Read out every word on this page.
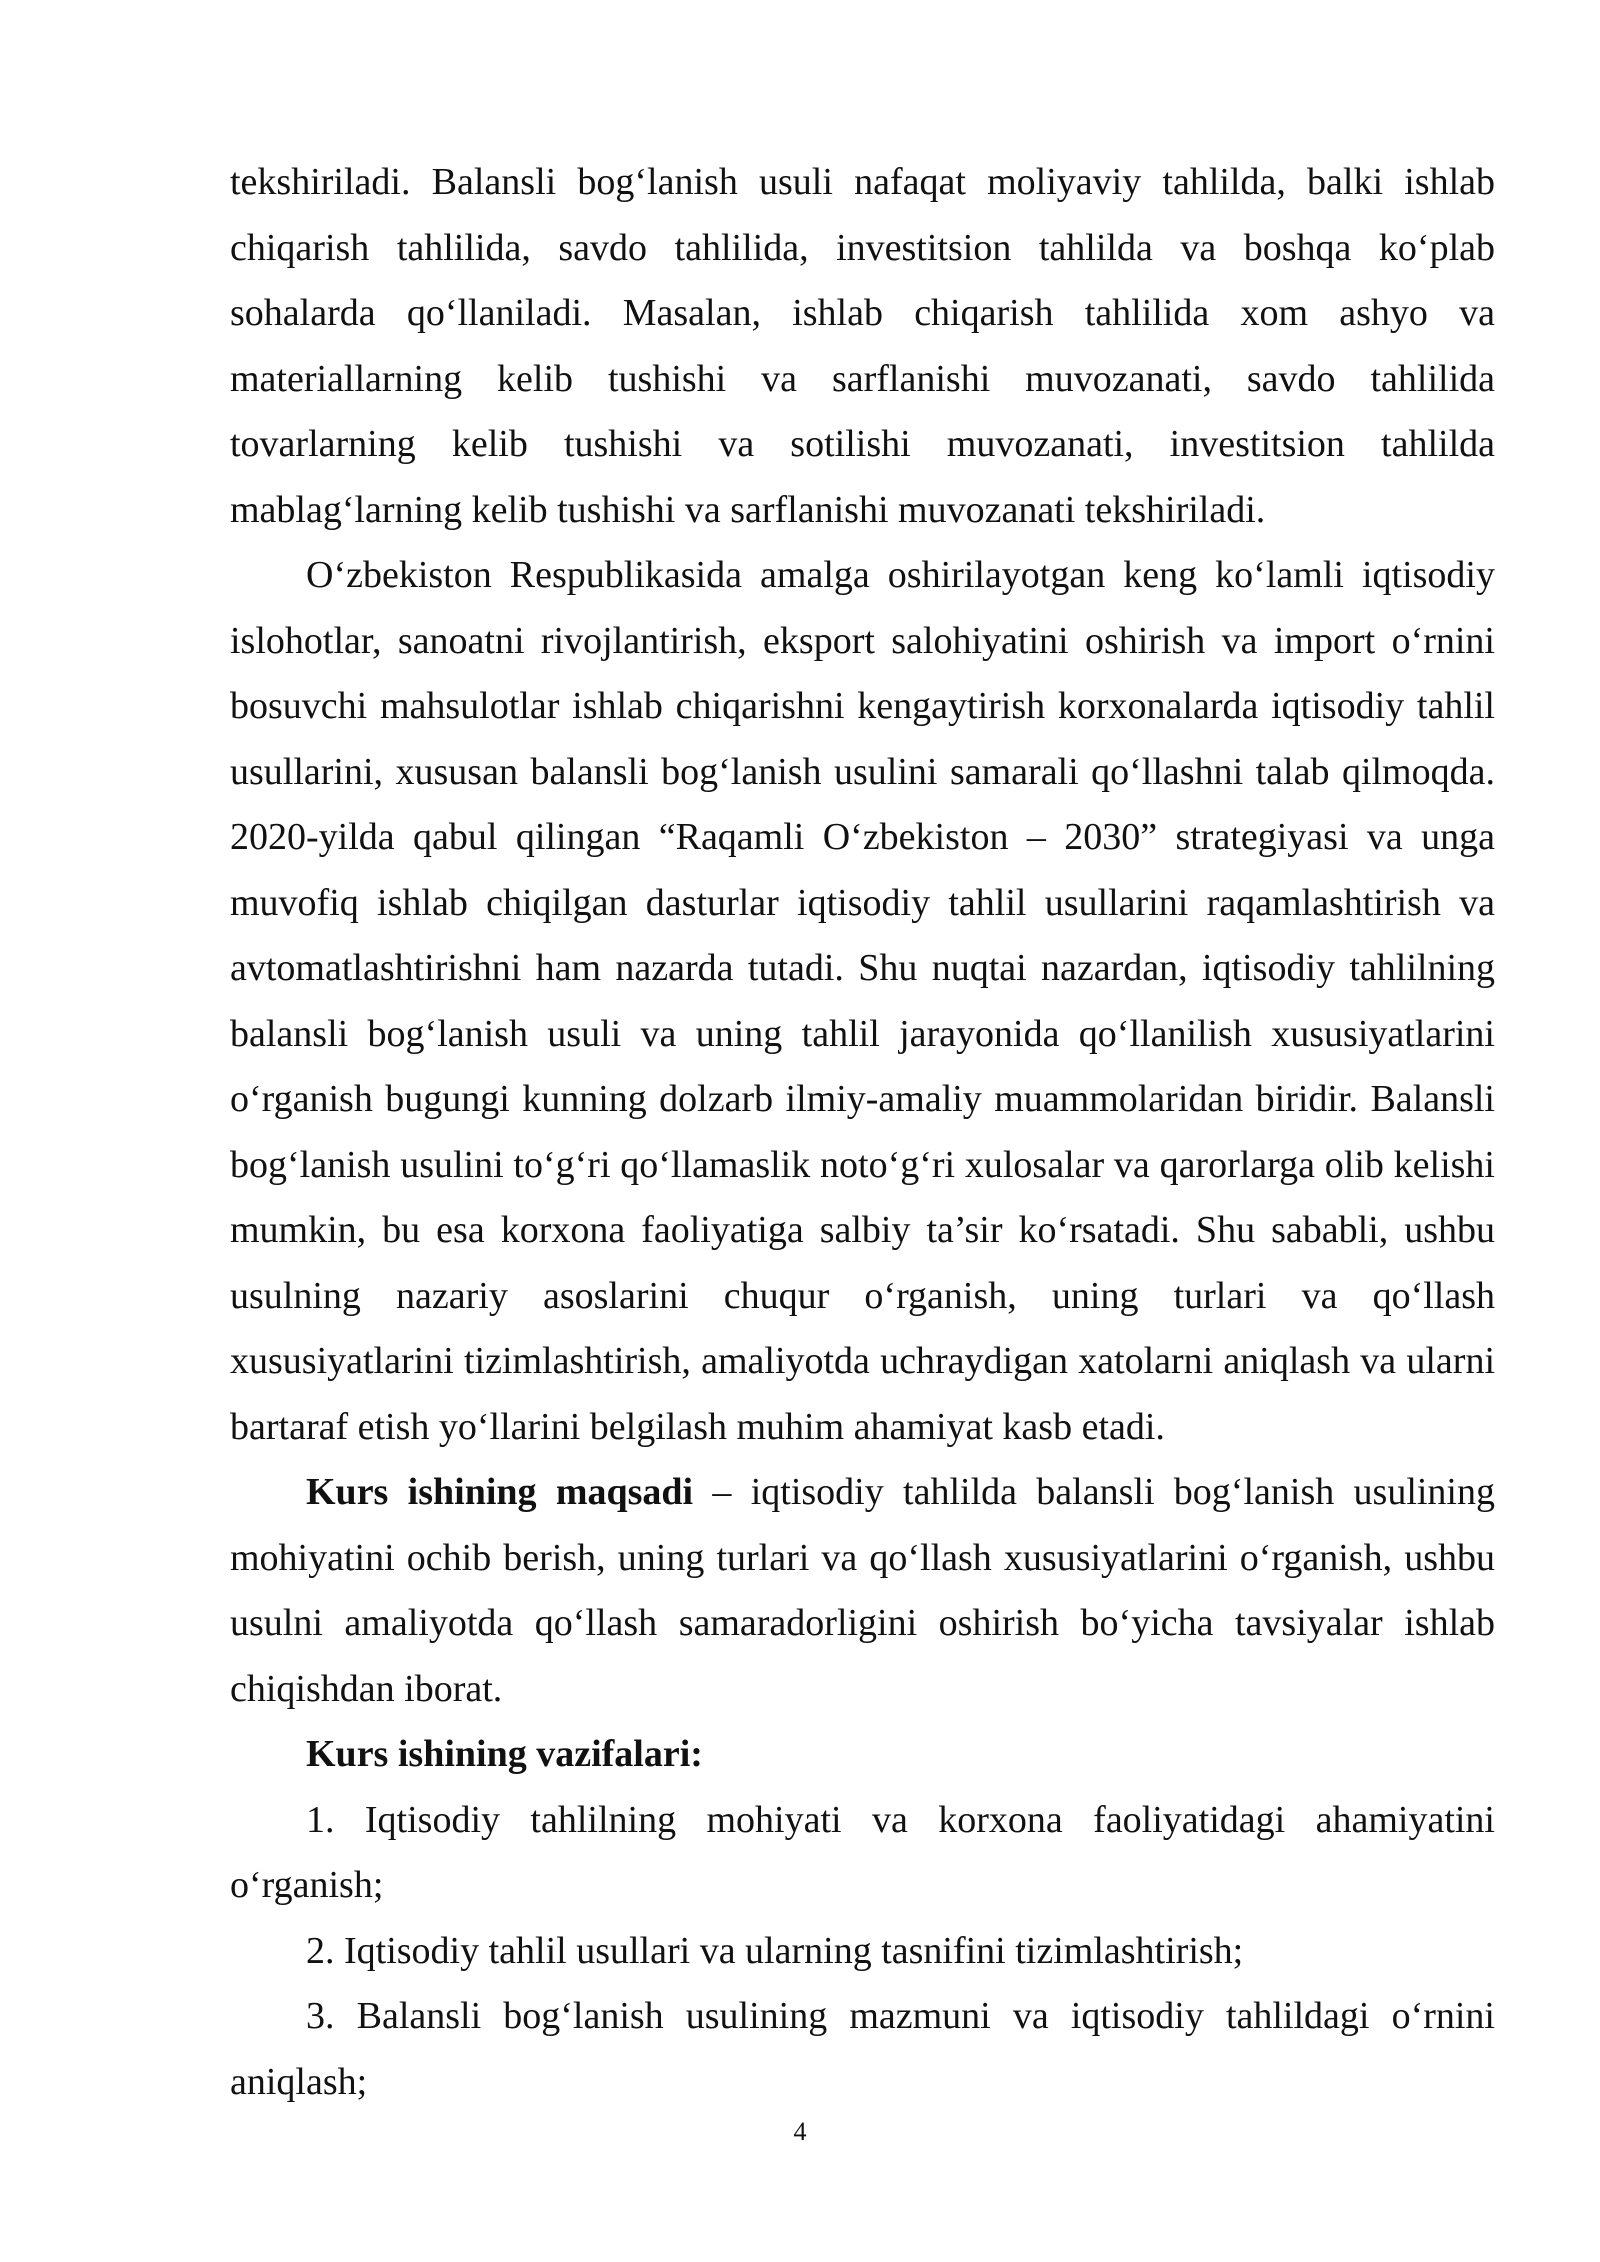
tekshiriladi. Balansli bog‘lanish usuli nafaqat moliyaviy tahlilda, balki ishlab chiqarish tahlilida, savdo tahlilida, investitsion tahlilda va boshqa ko‘plab sohalarda qo‘llaniladi. Masalan, ishlab chiqarish tahlilida xom ashyo va materiallarning kelib tushishi va sarflanishi muvozanati, savdo tahlilida tovarlarning kelib tushishi va sotilishi muvozanati, investitsion tahlilda mablag‘larning kelib tushishi va sarflanishi muvozanati tekshiriladi.

O‘zbekiston Respublikasida amalga oshirilayotgan keng ko‘lamli iqtisodiy islohotlar, sanoatni rivojlantirish, eksport salohiyatini oshirish va import o‘rnini bosuvchi mahsulotlar ishlab chiqarishni kengaytirish korxonalarda iqtisodiy tahlil usullarini, xususan balansli bog‘lanish usulini samarali qo‘llashni talab qilmoqda. 2020-yilda qabul qilingan “Raqamli O‘zbekiston – 2030” strategiyasi va unga muvofiq ishlab chiqilgan dasturlar iqtisodiy tahlil usullarini raqamlashtirish va avtomatlashtirishni ham nazarda tutadi. Shu nuqtai nazardan, iqtisodiy tahlilning balansli bog‘lanish usuli va uning tahlil jarayonida qo‘llanilish xususiyatlarini o‘rganish bugungi kunning dolzarb ilmiy-amaliy muammolaridan biridir. Balansli bog‘lanish usulini to‘g‘ri qo‘llamaslik noto‘g‘ri xulosalar va qarorlarga olib kelishi mumkin, bu esa korxona faoliyatiga salbiy ta’sir ko‘rsatadi. Shu sababli, ushbu usulning nazariy asoslarini chuqur o‘rganish, uning turlari va qo‘llash xususiyatlarini tizimlashtirish, amaliyotda uchraydigan xatolarni aniqlash va ularni bartaraf etish yo‘llarini belgilash muhim ahamiyat kasb etadi.

Kurs ishining maqsadi – iqtisodiy tahlilda balansli bog‘lanish usulining mohiyatini ochib berish, uning turlari va qo‘llash xususiyatlarini o‘rganish, ushbu usulni amaliyotda qo‘llash samaradorligini oshirish bo‘yicha tavsiyalar ishlab chiqishdan iborat.

Kurs ishining vazifalari:

1. Iqtisodiy tahlilning mohiyati va korxona faoliyatidagi ahamiyatini o‘rganish;

2. Iqtisodiy tahlil usullari va ularning tasnifini tizimlashtirish;

3. Balansli bog‘lanish usulining mazmuni va iqtisodiy tahlildagi o‘rnini aniqlash;

4
